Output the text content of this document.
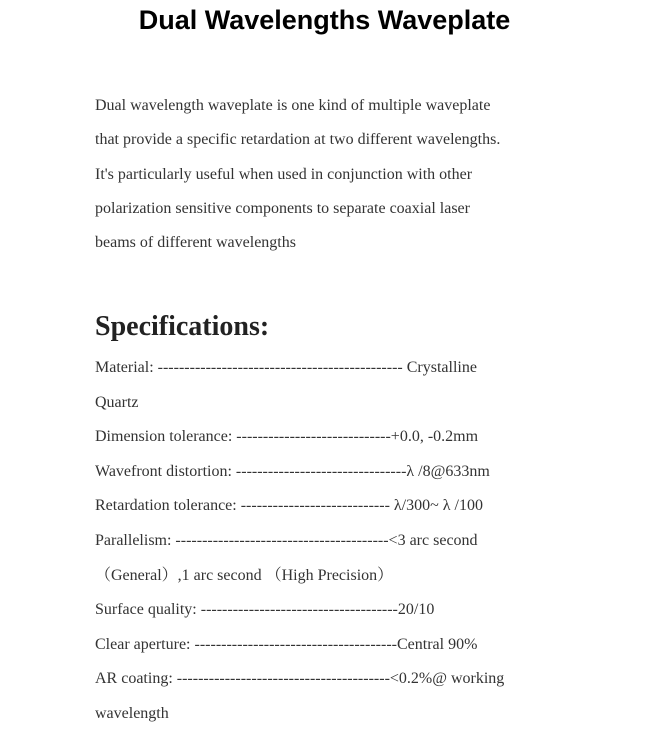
Dual Wavelengths Waveplate
Dual wavelength waveplate is one kind of multiple waveplate
that provide a specific retardation at two different wavelengths.
It's particularly useful when used in conjunction with other
polarization sensitive components to separate coaxial laser
beams of different wavelengths
Specifications:
Material: ---------------------------------------------- Crystalline
Quartz
Dimension tolerance: -----------------------------+0.0, -0.2mm
Wavefront distortion: --------------------------------λ /8@633nm
Retardation tolerance: ---------------------------- λ/300~ λ /100
Parallelism: ----------------------------------------<3 arc second
（General）,1 arc second （High Precision）
Surface quality: -------------------------------------20/10
Clear aperture: --------------------------------------Central 90%
AR coating: ----------------------------------------<0.2%@ working
wavelength
